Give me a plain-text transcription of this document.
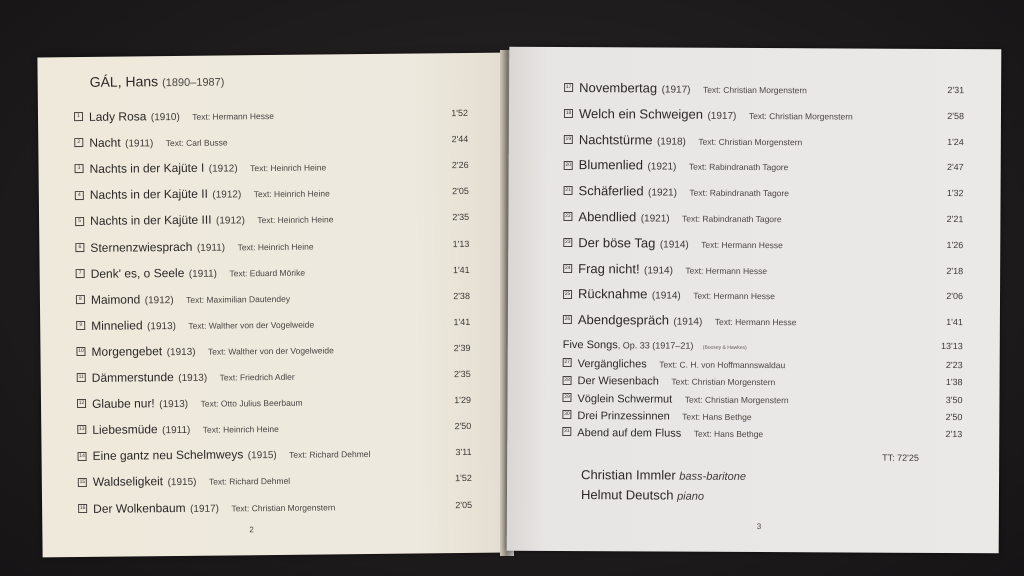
GÁL, Hans (1890–1987)
1 Lady Rosa (1910) Text: Hermann Hesse	1'52
2 Nacht (1911) Text: Carl Busse	2'44
3 Nachts in der Kajüte I (1912) Text: Heinrich Heine	2'26
4 Nachts in der Kajüte II (1912) Text: Heinrich Heine	2'05
5 Nachts in der Kajüte III (1912) Text: Heinrich Heine	2'35
6 Sternenzwiesprach (1911) Text: Heinrich Heine	1'13
7 Denk' es, o Seele (1911) Text: Eduard Mörike	1'41
8 Maimond (1912) Text: Maximilian Dautendey	2'38
9 Minnelied (1913) Text: Walther von der Vogelweide	1'41
10 Morgengebet (1913) Text: Walther von der Vogelweide	2'39
11 Dämmerstunde (1913) Text: Friedrich Adler	2'35
12 Glaube nur! (1913) Text: Otto Julius Beerbaum	1'29
13 Liebesmüde (1911) Text: Heinrich Heine	2'50
14 Eine gantz neu Schelmweys (1915) Text: Richard Dehmel	3'11
15 Waldseligkeit (1915) Text: Richard Dehmel	1'52
16 Der Wolkenbaum (1917) Text: Christian Morgenstern	2'05
2
17 Novembertag (1917) Text: Christian Morgenstern	2'31
18 Welch ein Schweigen (1917) Text: Christian Morgenstern	2'58
19 Nachtstürme (1918) Text: Christian Morgenstern	1'24
20 Blumenlied (1921) Text: Rabindranath Tagore	2'47
21 Schäferlied (1921) Text: Rabindranath Tagore	1'32
22 Abendlied (1921) Text: Rabindranath Tagore	2'21
23 Der böse Tag (1914) Text: Hermann Hesse	1'26
24 Frag nicht! (1914) Text: Hermann Hesse	2'18
25 Rücknahme (1914) Text: Hermann Hesse	2'06
26 Abendgespräch (1914) Text: Hermann Hesse	1'41
Five Songs, Op. 33 (1917–21) (Boosey & Hawkes)	13'13
27 Vergängliches Text: C. H. von Hoffmannswaldau	2'23
28 Der Wiesenbach Text: Christian Morgenstern	1'38
29 Vöglein Schwermut Text: Christian Morgenstern	3'50
30 Drei Prinzessinnen Text: Hans Bethge	2'50
31 Abend auf dem Fluss Text: Hans Bethge	2'13
TT: 72'25
Christian Immler bass-baritone
Helmut Deutsch piano
3
